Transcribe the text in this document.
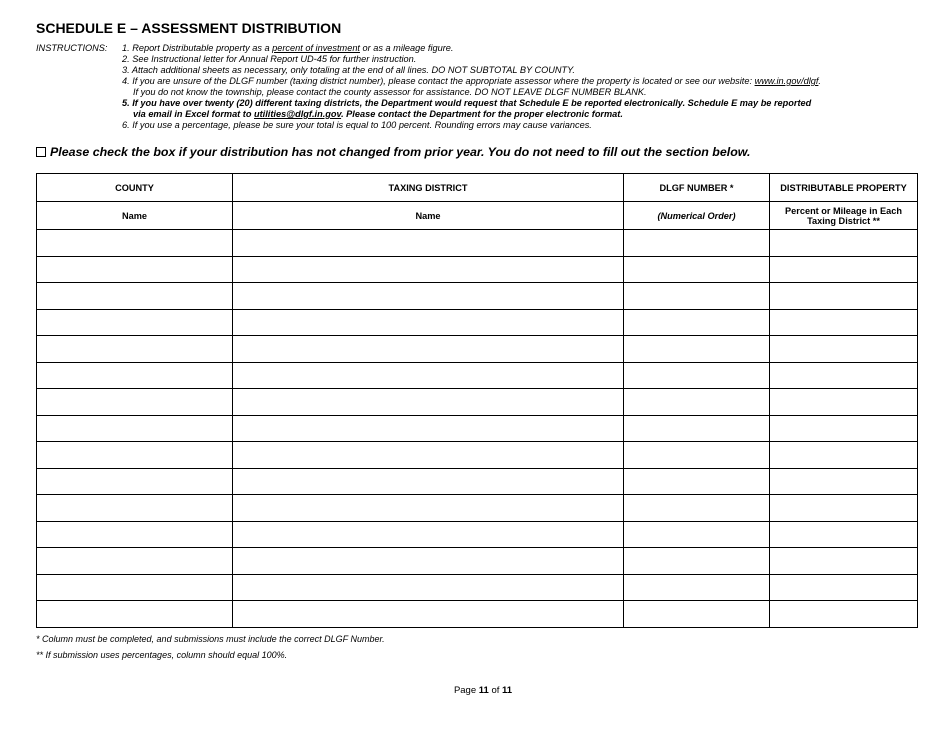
SCHEDULE E – ASSESSMENT DISTRIBUTION
INSTRUCTIONS: 1. Report Distributable property as a percent of investment or as a mileage figure.
2. See Instructional letter for Annual Report UD-45 for further instruction.
3. Attach additional sheets as necessary, only totaling at the end of all lines. DO NOT SUBTOTAL BY COUNTY.
4. If you are unsure of the DLGF number (taxing district number), please contact the appropriate assessor where the property is located or see our website: www.in.gov/dlgf.
If you do not know the township, please contact the county assessor for assistance. DO NOT LEAVE DLGF NUMBER BLANK.
5. If you have over twenty (20) different taxing districts, the Department would request that Schedule E be reported electronically. Schedule E may be reported
via email in Excel format to utilities@dlgf.in.gov. Please contact the Department for the proper electronic format.
6. If you use a percentage, please be sure your total is equal to 100 percent. Rounding errors may cause variances.
Please check the box if your distribution has not changed from prior year. You do not need to fill out the section below.
COUNTY	TAXING DISTRICT	DLGF NUMBER *	DISTRIBUTABLE PROPERTY
Name	Name	(Numerical Order)	Percent or Mileage in Each Taxing District **

* Column must be completed, and submissions must include the correct DLGF Number.
** If submission uses percentages, column should equal 100%.
Page 11 of 11
